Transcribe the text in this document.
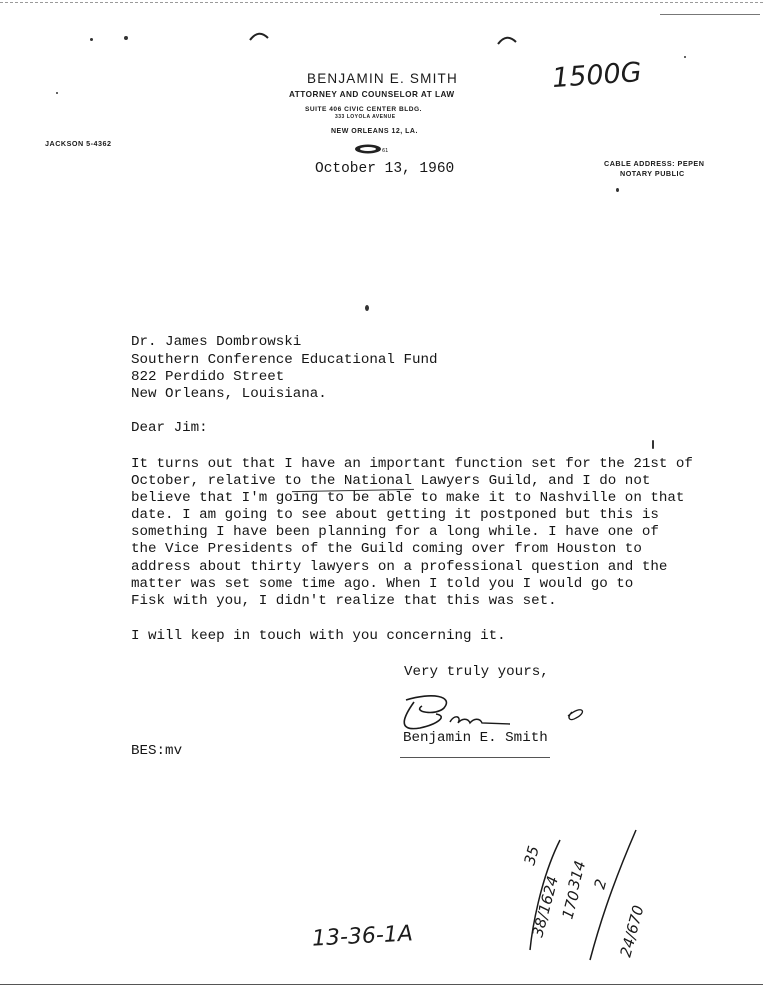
BENJAMIN E. SMITH
ATTORNEY AND COUNSELOR AT LAW
SUITE 406 CIVIC CENTER BLDG.
333 LOYOLA AVENUE
NEW ORLEANS 12, LA.
61
JACKSON 5-4362
CABLE ADDRESS: PEPEN
NOTARY PUBLIC
1500G
October 13, 1960
Dr. James Dombrowski
Southern Conference Educational Fund
822 Perdido Street
New Orleans, Louisiana.
Dear Jim:
It turns out that I have an important function set for the 21st of
October, relative to the National Lawyers Guild, and I do not
believe that I'm going to be able to make it to Nashville on that
date. I am going to see about getting it postponed but this is
something I have been planning for a long while. I have one of
the Vice Presidents of the Guild coming over from Houston to
address about thirty lawyers on a professional question and the
matter was set some time ago. When I told you I would go to
Fisk with you, I didn't realize that this was set.
I will keep in touch with you concerning it.
Very truly yours,
Benjamin E. Smith
BES:mv
13-36-1A
35
38/1624
170
314 2
24/670
